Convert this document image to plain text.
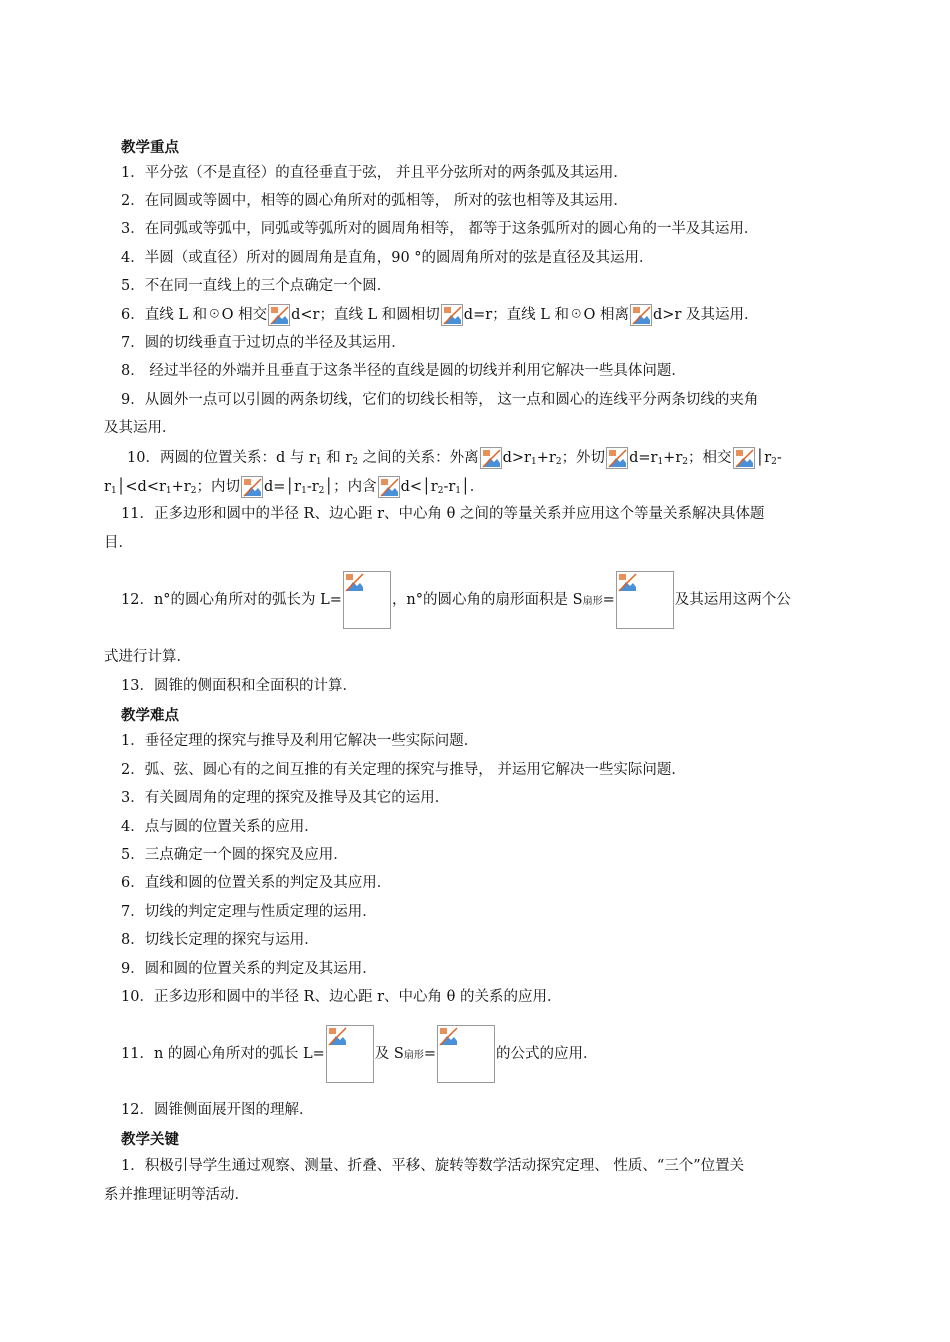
教学重点
1．平分弦（不是直径）的直径垂直于弦， 并且平分弦所对的两条弧及其运用．
2．在同圆或等圆中，相等的圆心角所对的弧相等， 所对的弦也相等及其运用．
3．在同弧或等弧中，同弧或等弧所对的圆周角相等， 都等于这条弧所对的圆心角的一半及其运用．
4．半圆（或直径）所对的圆周角是直角，90 °的圆周角所对的弦是直径及其运用．
5．不在同一直线上的三个点确定一个圆．
6．直线 L 和☉O 相交 d<r；直线 L 和圆相切 d=r；直线 L 和☉O 相离 d>r 及其运用．
7．圆的切线垂直于过切点的半径及其运用．
8． 经过半径的外端并且垂直于这条半径的直线是圆的切线并利用它解决一些具体问题．
9．从圆外一点可以引圆的两条切线，它们的切线长相等， 这一点和圆心的连线平分两条切线的夹角
及其运用．
10．两圆的位置关系：d 与 $r_1$ 和 $r_2$ 之间的关系：外离 $d>r_1+r_2$；外切 $d=r_1+r_2$；相交 $│r_2-$
$r_1│<d<r_1+r_2$；内切 $d=│r_1-r_2│$；内含 $d<│r_2-r_1│$．
11．正多边形和圆中的半径 R、边心距 r、中心角 θ 之间的等量关系并应用这个等量关系解决具体题
目．
12．n°的圆心角所对的弧长为 L=	，n°的圆心角的扇形面积是 S扇形=	及其运用这两个公
式进行计算．
13．圆锥的侧面积和全面积的计算．
教学难点
1．垂径定理的探究与推导及利用它解决一些实际问题．
2．弧、弦、圆心有的之间互推的有关定理的探究与推导， 并运用它解决一些实际问题．
3．有关圆周角的定理的探究及推导及其它的运用．
4．点与圆的位置关系的应用．
5．三点确定一个圆的探究及应用．
6．直线和圆的位置关系的判定及其应用．
7．切线的判定定理与性质定理的运用．
8．切线长定理的探究与运用．
9．圆和圆的位置关系的判定及其运用．
10．正多边形和圆中的半径 R、边心距 r、中心角 θ 的关系的应用．
11．n 的圆心角所对的弧长 L=	及 S扇形=	的公式的应用．
12．圆锥侧面展开图的理解．
教学关键
1．积极引导学生通过观察、测量、折叠、平移、旋转等数学活动探究定理、 性质、“三个”位置关
系并推理证明等活动．
